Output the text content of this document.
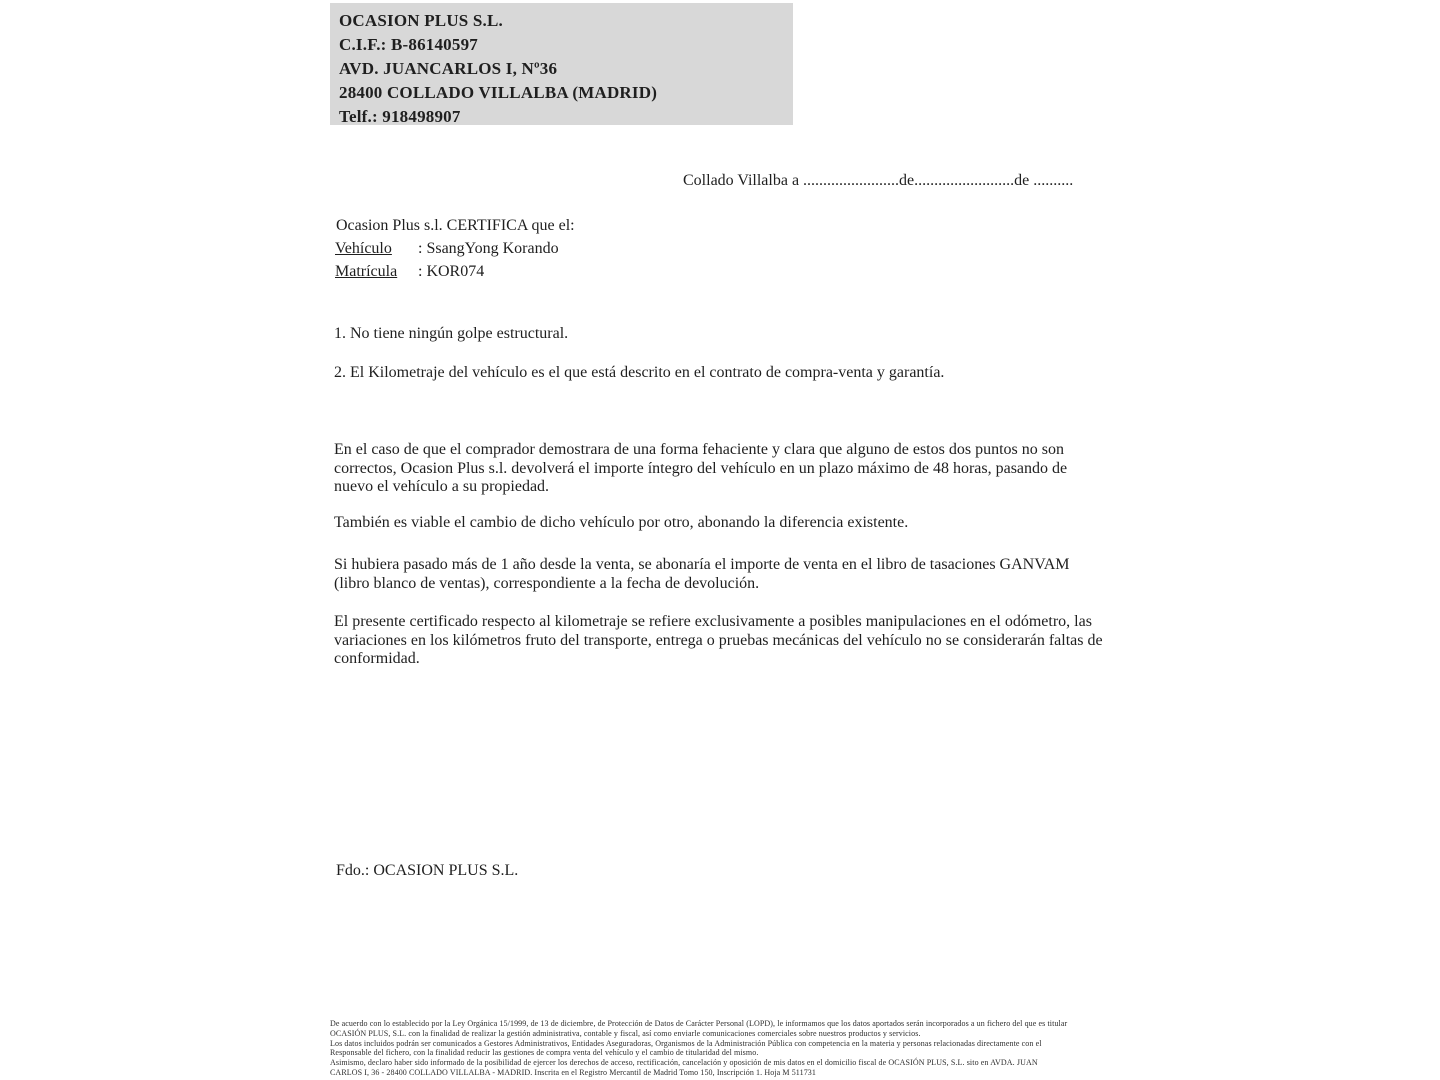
OCASION PLUS S.L.
C.I.F.: B-86140597
AVD. JUANCARLOS I, Nº36
28400 COLLADO VILLALBA (MADRID)
Telf.: 918498907
Collado Villalba a ........................de.........................de ..........
Ocasion Plus s.l. CERTIFICA que el:
Vehículo : SsangYong Korando
Matrícula : KOR074
1. No tiene ningún golpe estructural.
2. El Kilometraje del vehículo es el que está descrito en el contrato de compra-venta y garantía.
En el caso de que el comprador demostrara de una forma fehaciente y clara que alguno de estos dos puntos no son correctos, Ocasion Plus s.l. devolverá el importe íntegro del vehículo en un plazo máximo de 48 horas, pasando de nuevo el vehículo a su propiedad.
También es viable el cambio de dicho vehículo por otro, abonando la diferencia existente.
Si hubiera pasado más de 1 año desde la venta, se abonaría el importe de venta en el libro de tasaciones GANVAM (libro blanco de ventas), correspondiente a la fecha de devolución.
El presente certificado respecto al kilometraje se refiere exclusivamente a posibles manipulaciones en el odómetro, las variaciones en los kilómetros fruto del transporte, entrega o pruebas mecánicas del vehículo no se considerarán faltas de conformidad.
Fdo.: OCASION PLUS S.L.
De acuerdo con lo establecido por la Ley Orgánica 15/1999, de 13 de diciembre, de Protección de Datos de Carácter Personal (LOPD), le informamos que los datos aportados serán incorporados a un fichero del que es titular
OCASIÓN PLUS, S.L. con la finalidad de realizar la gestión administrativa, contable y fiscal, así como enviarle comunicaciones comerciales sobre nuestros productos y servicios.
Los datos incluidos podrán ser comunicados a Gestores Administrativos, Entidades Aseguradoras, Organismos de la Administración Pública con competencia en la materia y personas relacionadas directamente con el
Responsable del fichero, con la finalidad reducir las gestiones de compra venta del vehículo y el cambio de titularidad del mismo.
Asimismo, declaro haber sido informado de la posibilidad de ejercer los derechos de acceso, rectificación, cancelación y oposición de mis datos en el domicilio fiscal de OCASIÓN PLUS, S.L. sito en AVDA. JUAN
CARLOS I, 36 - 28400 COLLADO VILLALBA - MADRID. Inscrita en el Registro Mercantil de Madrid Tomo 150, Inscripción 1. Hoja M 511731
